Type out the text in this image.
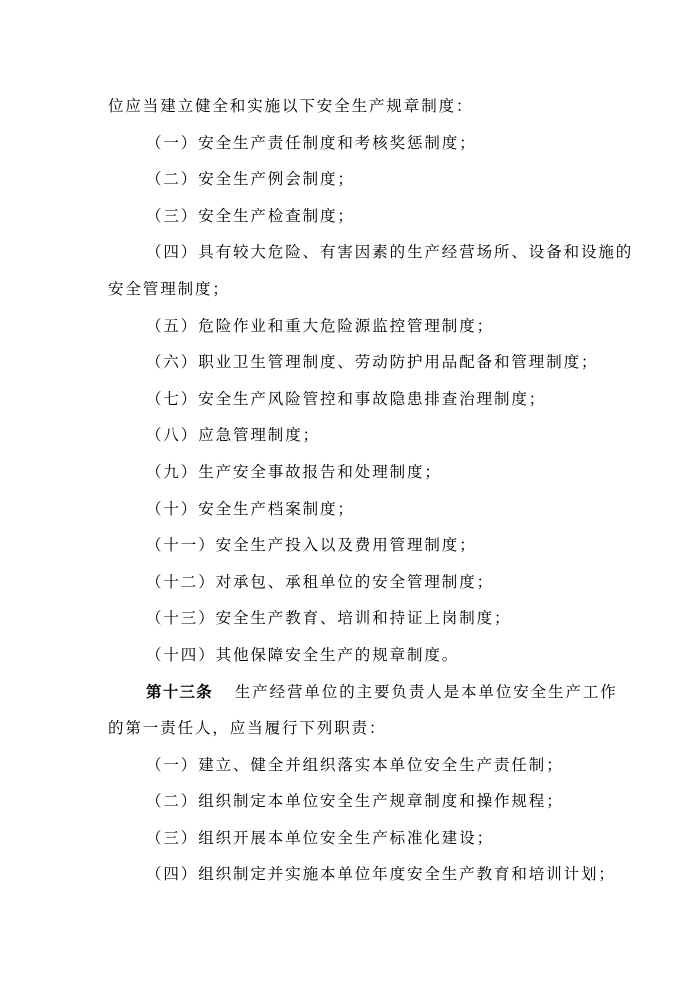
位应当建立健全和实施以下安全生产规章制度：
（一）安全生产责任制度和考核奖惩制度；
（二）安全生产例会制度；
（三）安全生产检查制度；
（四）具有较大危险、有害因素的生产经营场所、设备和设施的
安全管理制度；
（五）危险作业和重大危险源监控管理制度；
（六）职业卫生管理制度、劳动防护用品配备和管理制度；
（七）安全生产风险管控和事故隐患排查治理制度；
（八）应急管理制度；
（九）生产安全事故报告和处理制度；
（十）安全生产档案制度；
（十一）安全生产投入以及费用管理制度；
（十二）对承包、承租单位的安全管理制度；
（十三）安全生产教育、培训和持证上岗制度；
（十四）其他保障安全生产的规章制度。
第十三条 生产经营单位的主要负责人是本单位安全生产工作
的第一责任人，应当履行下列职责：
（一）建立、健全并组织落实本单位安全生产责任制；
（二）组织制定本单位安全生产规章制度和操作规程；
（三）组织开展本单位安全生产标准化建设；
（四）组织制定并实施本单位年度安全生产教育和培训计划；
